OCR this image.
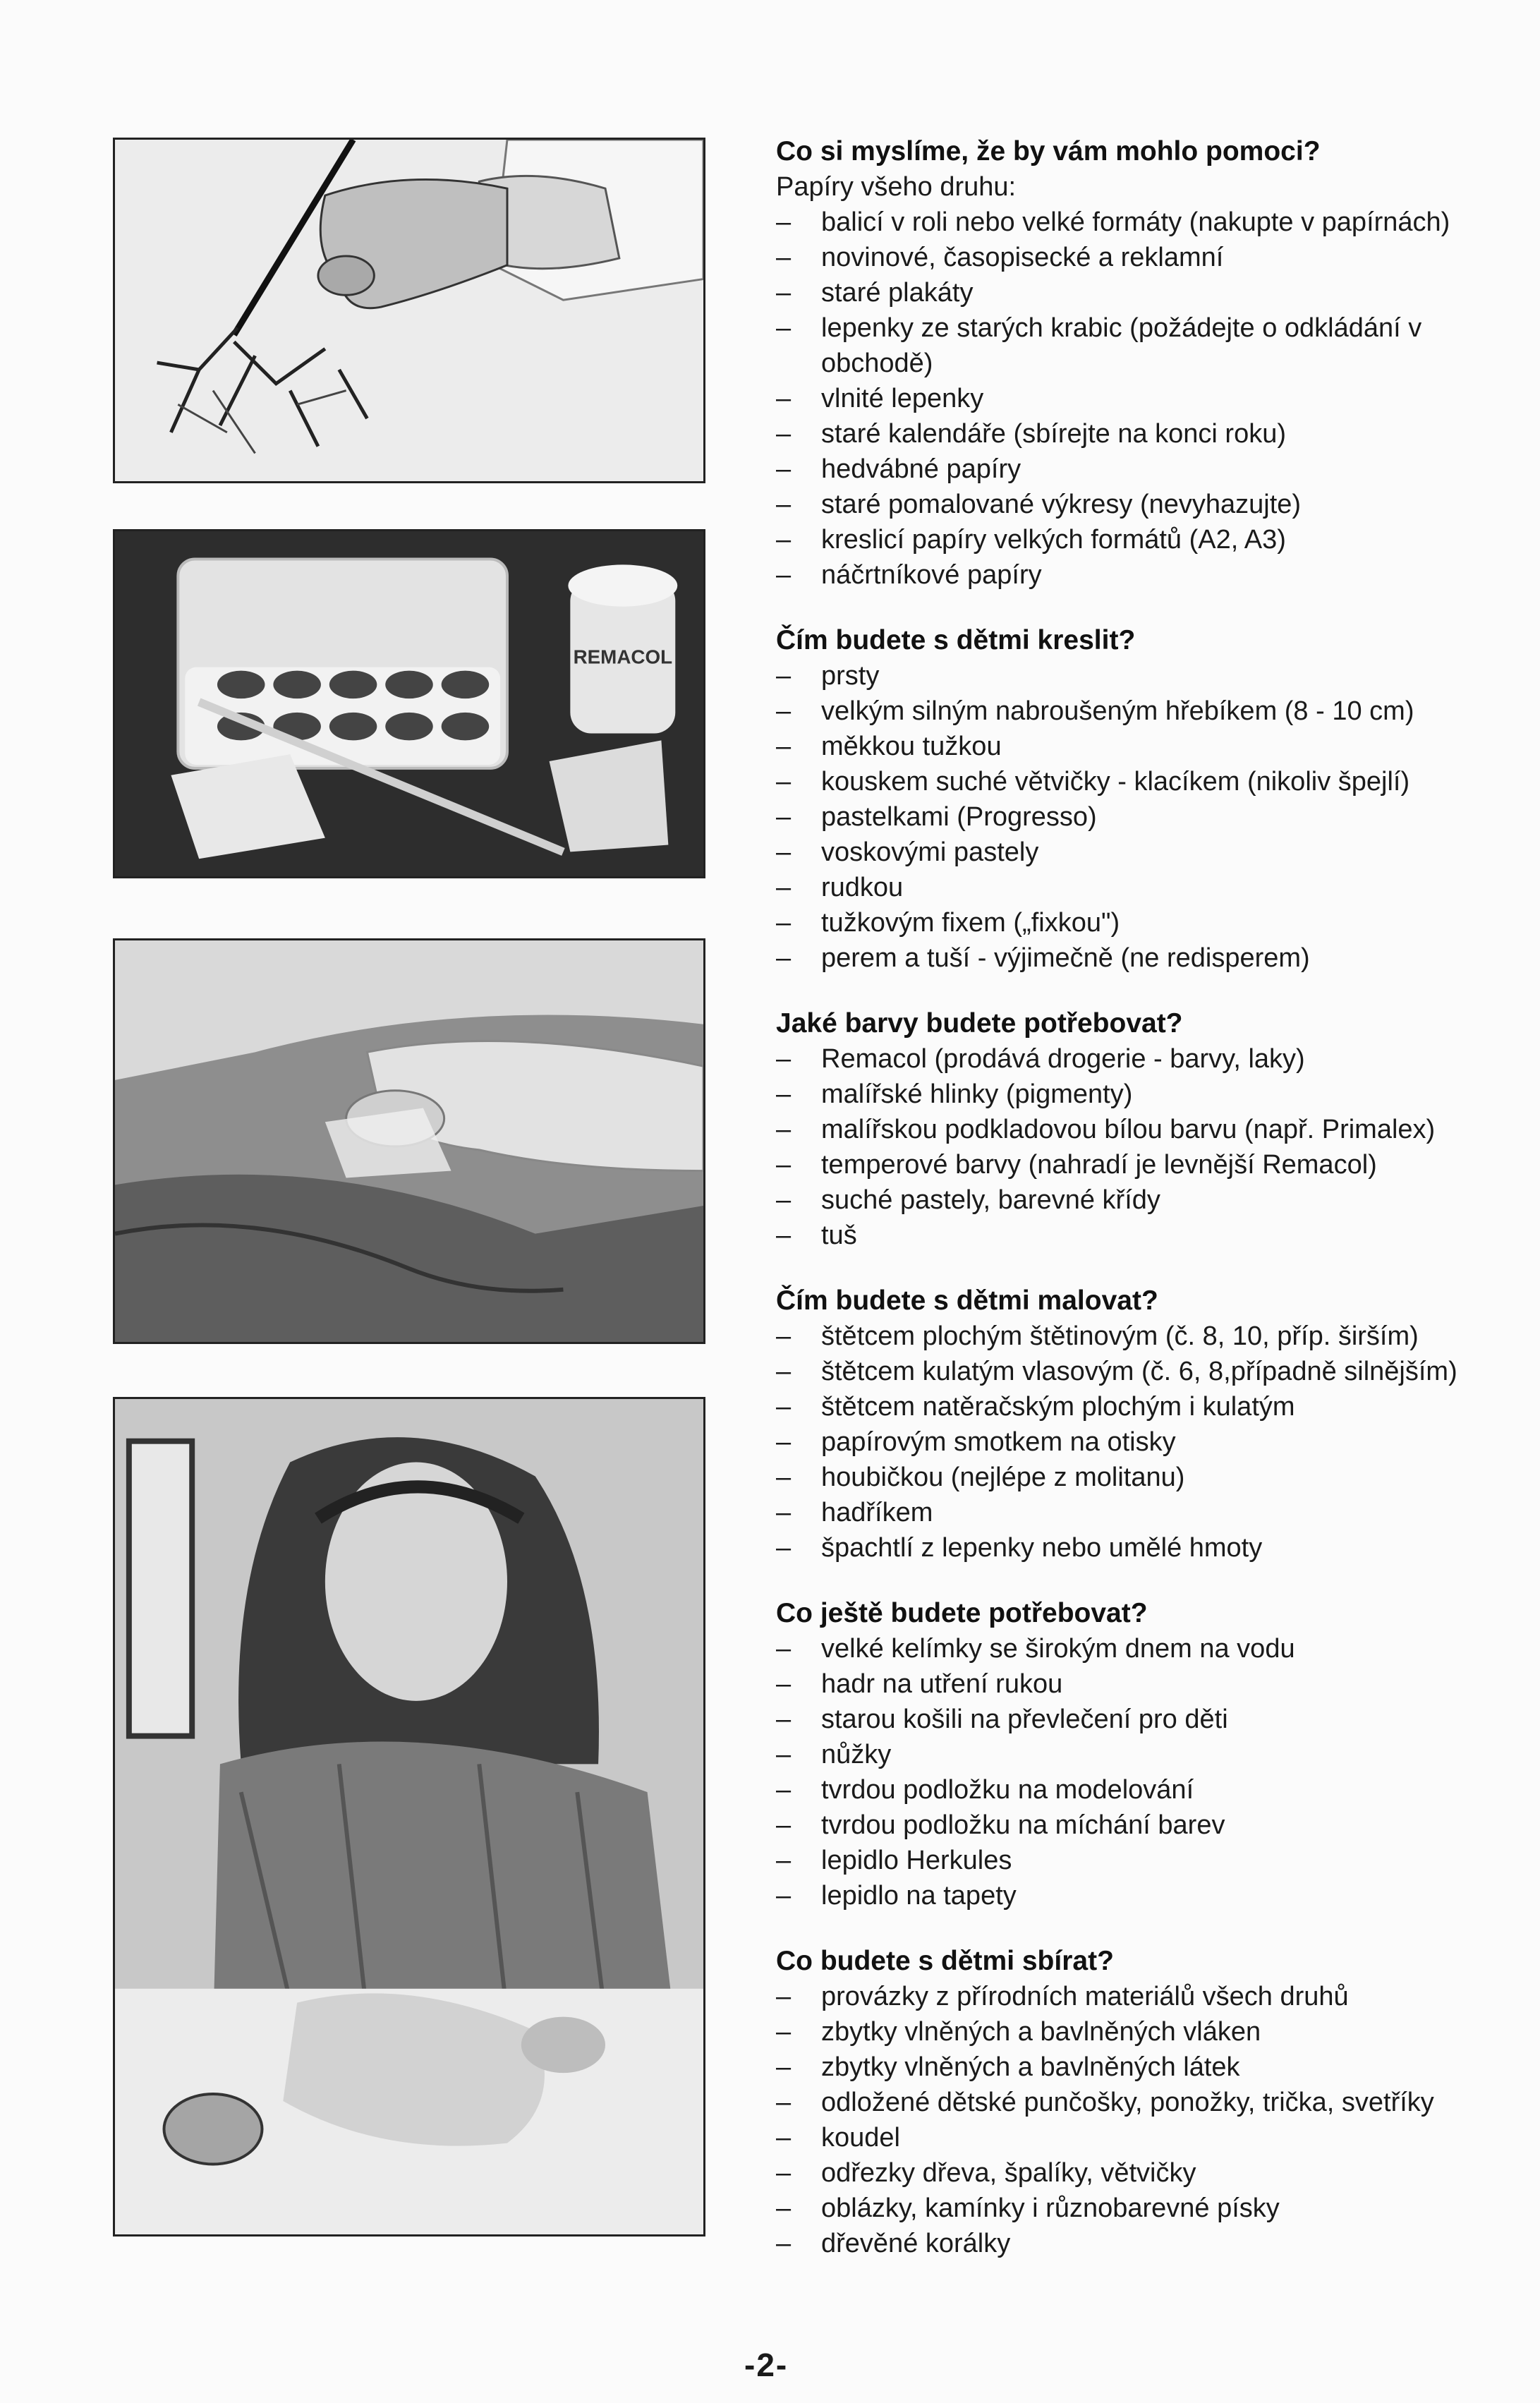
REMACOL
Co si myslíme, že by vám mohlo pomoci?

Papíry všeho druhu:

– balicí v roli nebo velké formáty (nakupte v papírnách)
– novinové, časopisecké a reklamní
– staré plakáty
– lepenky ze starých krabic (požádejte o odkládání v obchodě)
– vlnité lepenky
– staré kalendáře (sbírejte na konci roku)
– hedvábné papíry
– staré pomalované výkresy (nevyhazujte)
– kreslicí papíry velkých formátů (A2, A3)
– náčrtníkové papíry
Čím budete s dětmi kreslit?
– prsty
– velkým silným nabroušeným hřebíkem (8 - 10 cm)
– měkkou tužkou
– kouskem suché větvičky - klacíkem (nikoliv špejlí)
– pastelkami (Progresso)
– voskovými pastely
– rudkou
– tužkovým fixem („fixkou")
– perem a tuší - výjimečně (ne redisperem)
Jaké barvy budete potřebovat?
– Remacol (prodává drogerie - barvy, laky)
– malířské hlinky (pigmenty)
– malířskou podkladovou bílou barvu (např. Primalex)
– temperové barvy (nahradí je levnější Remacol)
– suché pastely, barevné křídy
– tuš
Čím budete s dětmi malovat?
– štětcem plochým štětinovým (č. 8, 10, příp. širším)
– štětcem kulatým vlasovým (č. 6, 8,případně silnějším)
– štětcem natěračským plochým i kulatým
– papírovým smotkem na otisky
– houbičkou (nejlépe z molitanu)
– hadříkem
– špachtlí z lepenky nebo umělé hmoty
Co ještě budete potřebovat?
– velké kelímky se širokým dnem na vodu
– hadr na utření rukou
– starou košili na převlečení pro děti
– nůžky
– tvrdou podložku na modelování
– tvrdou podložku na míchání barev
– lepidlo Herkules
– lepidlo na tapety
Co budete s dětmi sbírat?
– provázky z přírodních materiálů všech druhů
– zbytky vlněných a bavlněných vláken
– zbytky vlněných a bavlněných látek
– odložené dětské punčošky, ponožky, trička, svetříky
– koudel
– odřezky dřeva, špalíky, větvičky
– oblázky, kamínky i různobarevné písky
– dřevěné korálky
-2-
